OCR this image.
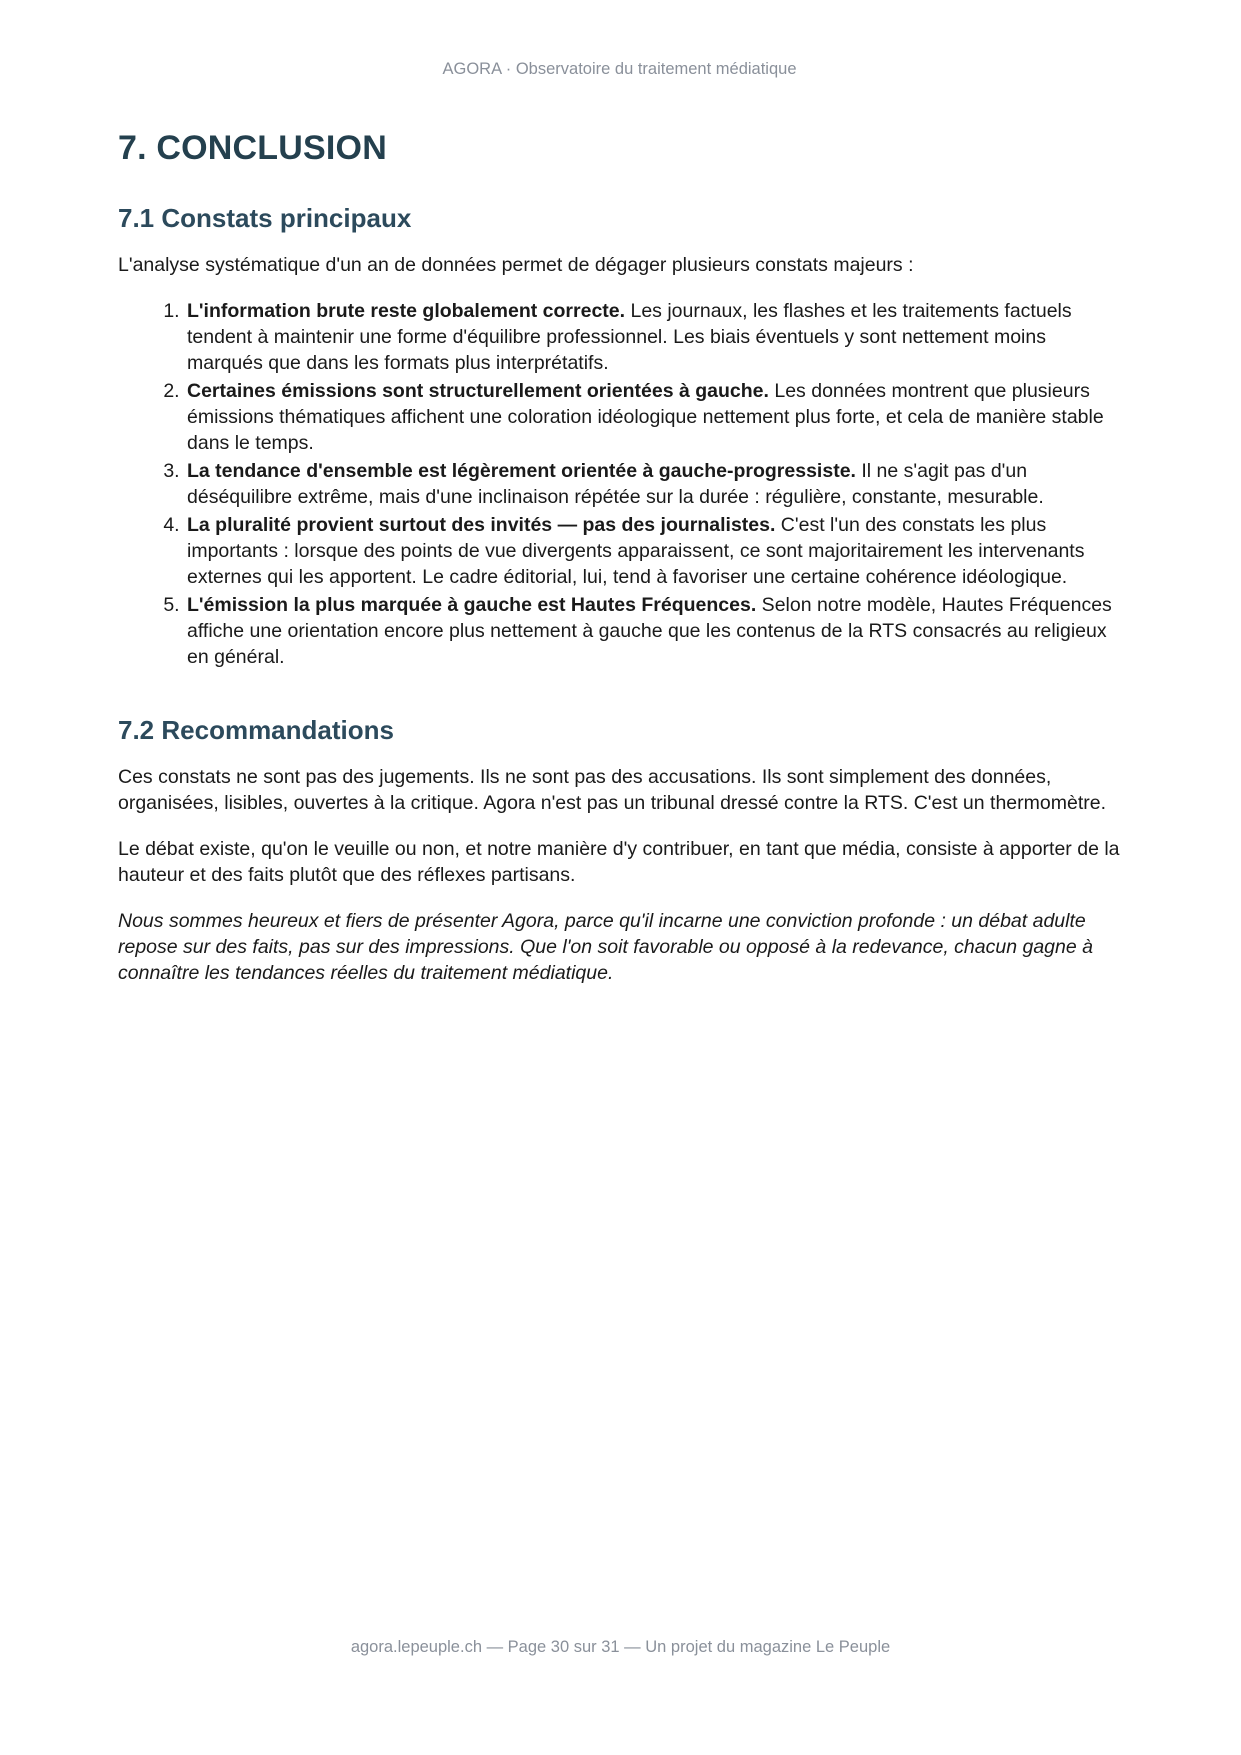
AGORA · Observatoire du traitement médiatique
7. CONCLUSION
7.1 Constats principaux

L'analyse systématique d'un an de données permet de dégager plusieurs constats majeurs :

1. L'information brute reste globalement correcte. Les journaux, les flashes et les traitements factuels tendent à maintenir une forme d'équilibre professionnel. Les biais éventuels y sont nettement moins marqués que dans les formats plus interprétatifs.
2. Certaines émissions sont structurellement orientées à gauche. Les données montrent que plusieurs émissions thématiques affichent une coloration idéologique nettement plus forte, et cela de manière stable dans le temps.
3. La tendance d'ensemble est légèrement orientée à gauche-progressiste. Il ne s'agit pas d'un déséquilibre extrême, mais d'une inclinaison répétée sur la durée : régulière, constante, mesurable.
4. La pluralité provient surtout des invités — pas des journalistes. C'est l'un des constats les plus importants : lorsque des points de vue divergents apparaissent, ce sont majoritairement les intervenants externes qui les apportent. Le cadre éditorial, lui, tend à favoriser une certaine cohérence idéologique.
5. L'émission la plus marquée à gauche est Hautes Fréquences. Selon notre modèle, Hautes Fréquences affiche une orientation encore plus nettement à gauche que les contenus de la RTS consacrés au religieux en général.
7.2 Recommandations

Ces constats ne sont pas des jugements. Ils ne sont pas des accusations. Ils sont simplement des données, organisées, lisibles, ouvertes à la critique. Agora n'est pas un tribunal dressé contre la RTS. C'est un thermomètre.

Le débat existe, qu'on le veuille ou non, et notre manière d'y contribuer, en tant que média, consiste à apporter de la hauteur et des faits plutôt que des réflexes partisans.

Nous sommes heureux et fiers de présenter Agora, parce qu'il incarne une conviction profonde : un débat adulte repose sur des faits, pas sur des impressions. Que l'on soit favorable ou opposé à la redevance, chacun gagne à connaître les tendances réelles du traitement médiatique.

agora.lepeuple.ch — Page 30 sur 31 — Un projet du magazine Le Peuple
